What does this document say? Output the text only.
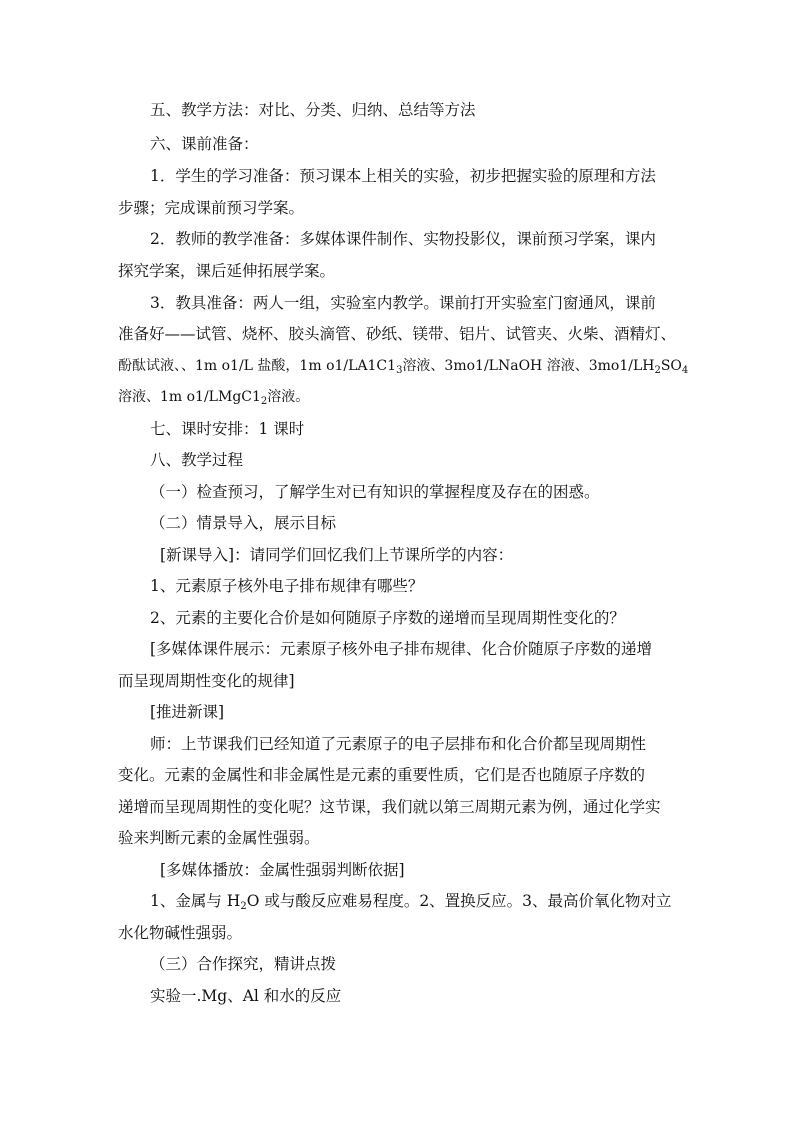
五、教学方法：对比、分类、归纳、总结等方法
六、课前准备：
1．学生的学习准备：预习课本上相关的实验，初步把握实验的原理和方法
步骤；完成课前预习学案。
2．教师的教学准备：多媒体课件制作、实物投影仪，课前预习学案，课内
探究学案，课后延伸拓展学案。
3．教具准备：两人一组，实验室内教学。课前打开实验室门窗通风，课前
准备好——试管、烧杯、胶头滴管、砂纸、镁带、铝片、试管夹、火柴、酒精灯、
酚酞试液、、1m o1/L 盐酸，1m $o1/LA1C1_3$溶液、3mo1/LNaOH 溶液、$3mo1/LH_2SO_4$
溶液、1m $o1/LMgC1_2$溶液。
七、课时安排：1 课时
八、教学过程
（一）检查预习，了解学生对已有知识的掌握程度及存在的困惑。
（二）情景导入，展示目标
[新课导入]：请同学们回忆我们上节课所学的内容：
1、元素原子核外电子排布规律有哪些？
2、元素的主要化合价是如何随原子序数的递增而呈现周期性变化的？
[多媒体课件展示：元素原子核外电子排布规律、化合价随原子序数的递增
而呈现周期性变化的规律]
[推进新课]
师：上节课我们已经知道了元素原子的电子层排布和化合价都呈现周期性
变化。元素的金属性和非金属性是元素的重要性质，它们是否也随原子序数的
递增而呈现周期性的变化呢？这节课，我们就以第三周期元素为例，通过化学实
验来判断元素的金属性强弱。
[多媒体播放：金属性强弱判断依据]
1、金属与 $H_2O$ 或与酸反应难易程度。2、置换反应。3、最高价氧化物对立
水化物碱性强弱。
（三）合作探究，精讲点拨
实验一.Mg、Al 和水的反应
